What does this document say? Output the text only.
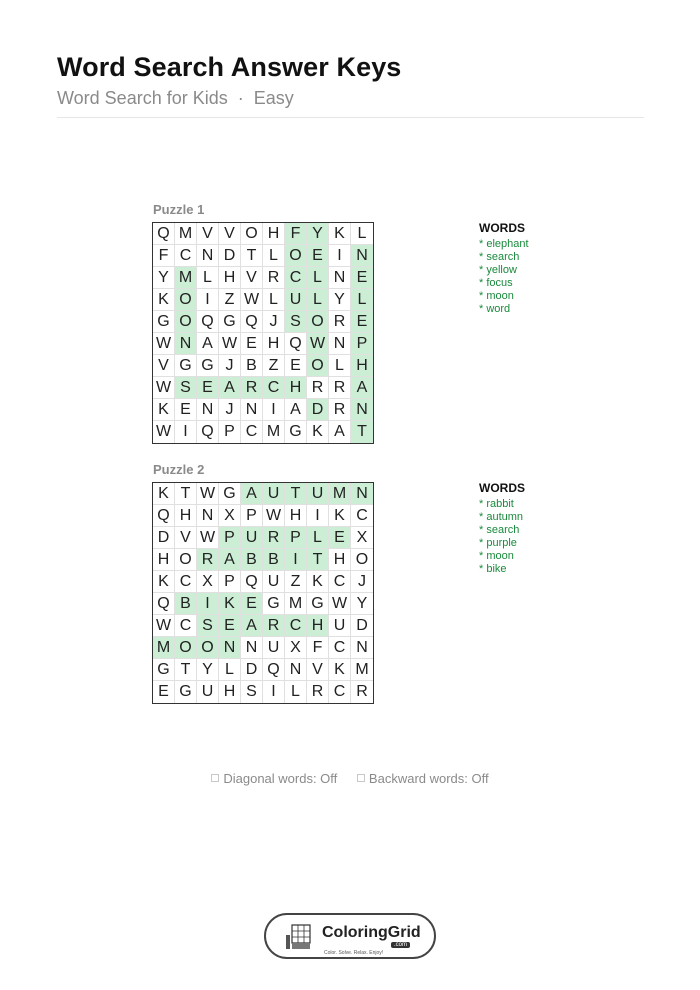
Word Search Answer Keys
Word Search for Kids · Easy
Puzzle 1
Q M V V O H F Y K L
F C N D T L O E I N
Y M L H V R C L N E
K O I Z W L U L Y L
G O Q G Q J S O R E
W N A W E H Q W N P
V G G J B Z E O L H
W S E A R C H R R A
K E N J N I A D R N
W I Q P C M G K A T
WORDS
* elephant
* search
* yellow
* focus
* moon
* word
Puzzle 2
K T W G A U T U M N
Q H N X P W H I K C
D V W P U R P L E X
H O R A B B I T H O
K C X P Q U Z K C J
Q B I K E G M G W Y
W C S E A R C H U D
M O O N N U X F C N
G T Y L D Q N V K M
E G U H S I L R C R
WORDS
* rabbit
* autumn
* search
* purple
* moon
* bike
Diagonal words: Off
Backward words: Off
ColoringGrid
.com
Color. Solve. Relax. Enjoy!
